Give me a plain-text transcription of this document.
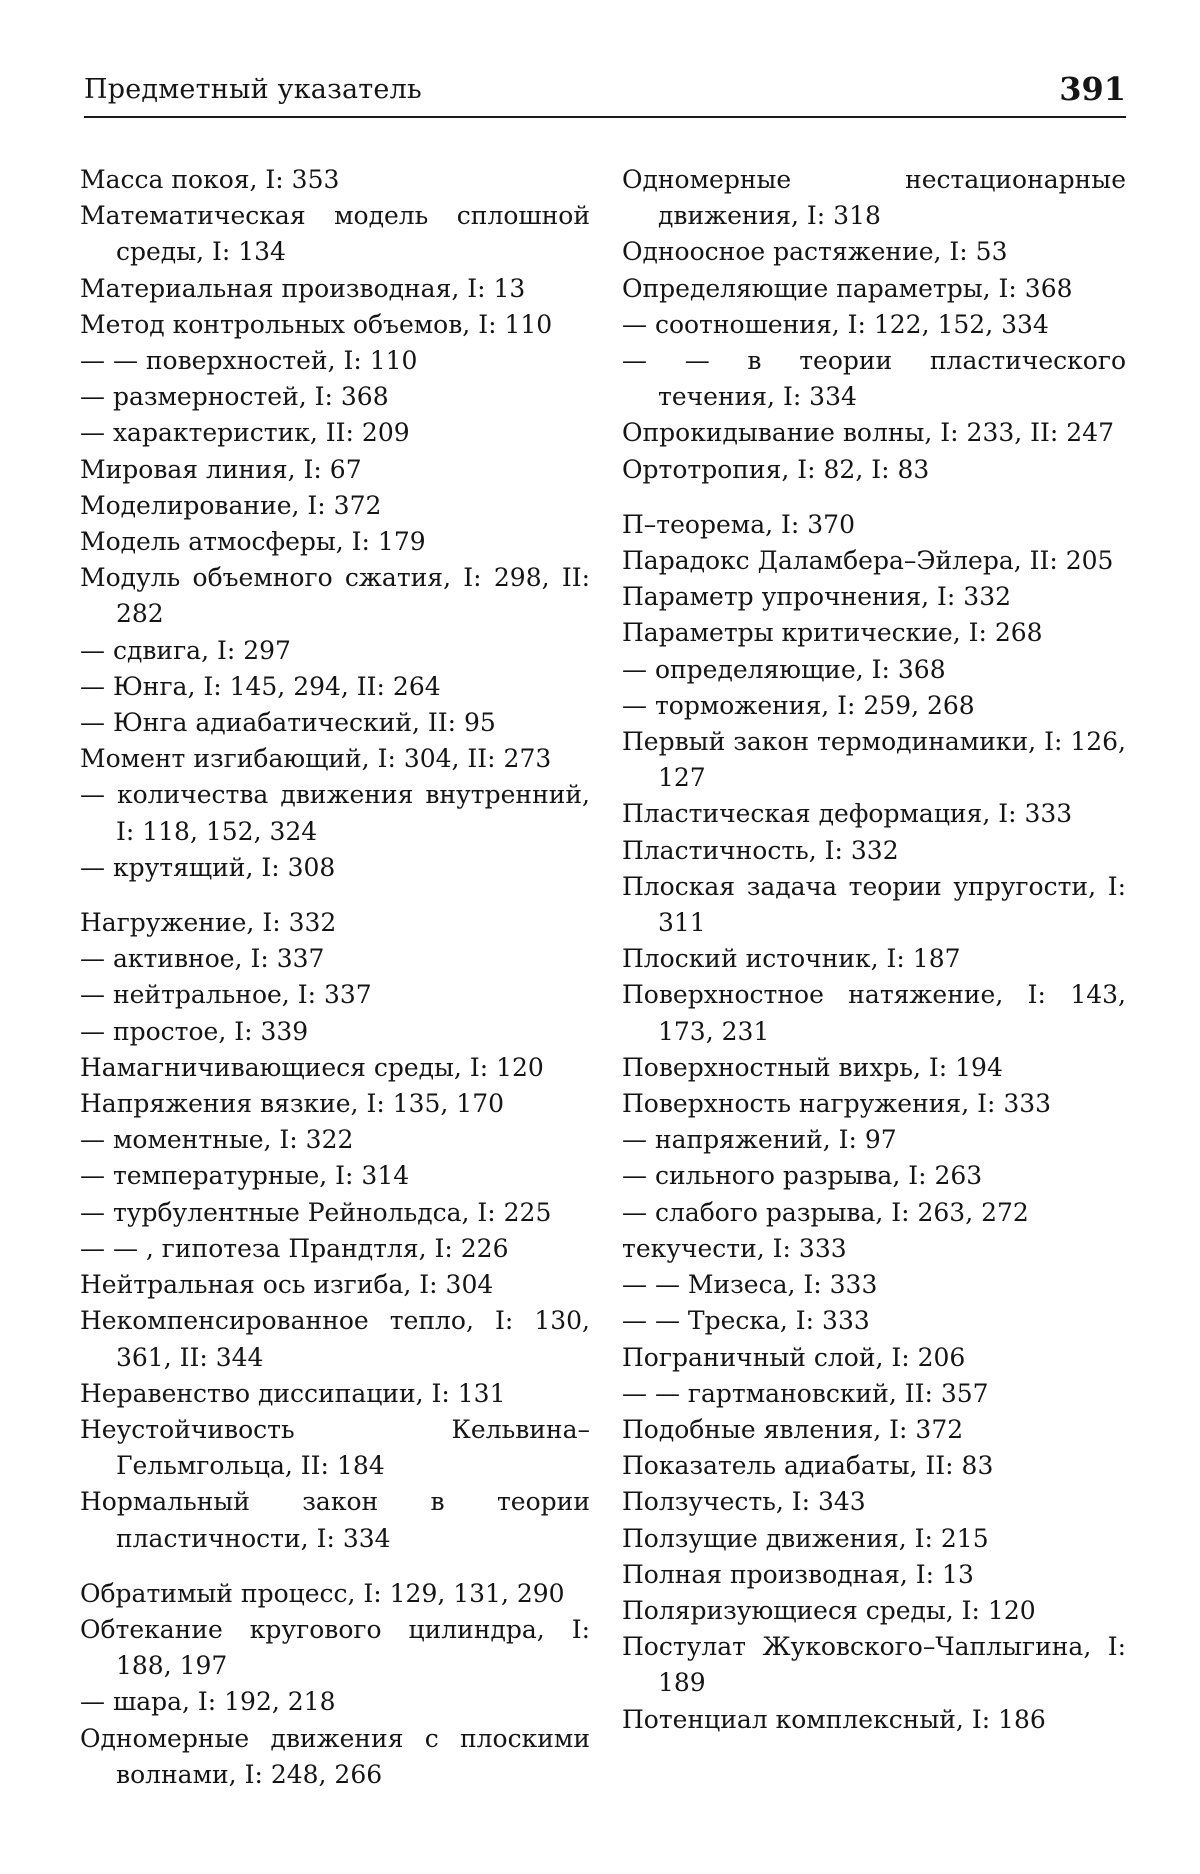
Предметный указатель	391
Масса покоя, I: 353
Математическая модель сплошной среды, I: 134
Материальная производная, I: 13
Метод контрольных объемов, I: 110
— — поверхностей, I: 110
— размерностей, I: 368
— характеристик, II: 209
Мировая линия, I: 67
Моделирование, I: 372
Модель атмосферы, I: 179
Модуль объемного сжатия, I: 298, II: 282
— сдвига, I: 297
— Юнга, I: 145, 294, II: 264
— Юнга адиабатический, II: 95
Момент изгибающий, I: 304, II: 273
— количества движения внутренний, I: 118, 152, 324
— крутящий, I: 308
Нагружение, I: 332
— активное, I: 337
— нейтральное, I: 337
— простое, I: 339
Намагничивающиеся среды, I: 120
Напряжения вязкие, I: 135, 170
— моментные, I: 322
— температурные, I: 314
— турбулентные Рейнольдса, I: 225
— — , гипотеза Прандтля, I: 226
Нейтральная ось изгиба, I: 304
Некомпенсированное тепло, I: 130, 361, II: 344
Неравенство диссипации, I: 131
Неустойчивость Кельвина–Гельмгольца, II: 184
Нормальный закон в теории пластичности, I: 334
Обратимый процесс, I: 129, 131, 290
Обтекание кругового цилиндра, I: 188, 197
— шара, I: 192, 218
Одномерные движения с плоскими волнами, I: 248, 266
Одномерные нестационарные движения, I: 318
Одноосное растяжение, I: 53
Определяющие параметры, I: 368
— соотношения, I: 122, 152, 334
— — в теории пластического течения, I: 334
Опрокидывание волны, I: 233, II: 247
Ортотропия, I: 82, I: 83
П–теорема, I: 370
Парадокс Даламбера–Эйлера, II: 205
Параметр упрочнения, I: 332
Параметры критические, I: 268
— определяющие, I: 368
— торможения, I: 259, 268
Первый закон термодинамики, I: 126, 127
Пластическая деформация, I: 333
Пластичность, I: 332
Плоская задача теории упругости, I: 311
Плоский источник, I: 187
Поверхностное натяжение, I: 143, 173, 231
Поверхностный вихрь, I: 194
Поверхность нагружения, I: 333
— напряжений, I: 97
— сильного разрыва, I: 263
— слабого разрыва, I: 263, 272
текучести, I: 333
— — Мизеса, I: 333
— — Треска, I: 333
Пограничный слой, I: 206
— — гартмановский, II: 357
Подобные явления, I: 372
Показатель адиабаты, II: 83
Ползучесть, I: 343
Ползущие движения, I: 215
Полная производная, I: 13
Поляризующиеся среды, I: 120
Постулат Жуковского–Чаплыгина, I: 189
Потенциал комплексный, I: 186
